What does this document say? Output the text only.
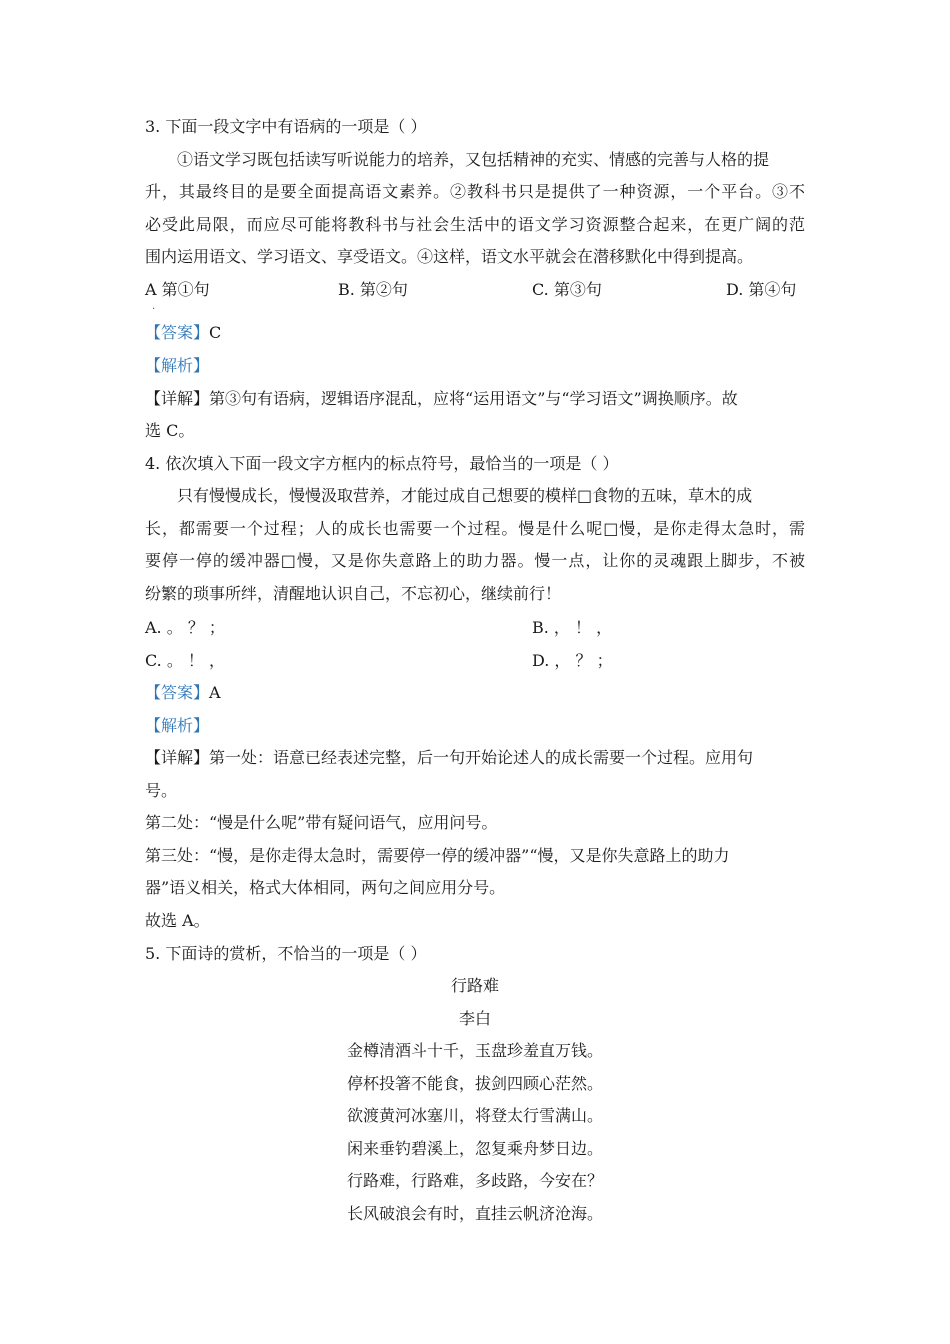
3. 下面一段文字中有语病的一项是（ ）
①语文学习既包括读写听说能力的培养，又包括精神的充实、情感的完善与人格的提
升，其最终目的是要全面提高语文素养。②教科书只是提供了一种资源，一个平台。③不
必受此局限，而应尽可能将教科书与社会生活中的语文学习资源整合起来，在更广阔的范
围内运用语文、学习语文、享受语文。④这样，语文水平就会在潜移默化中得到提高。
A 第①句	B. 第②句	C. 第③句	D. 第④句
·
【答案】C
【解析】
【详解】第③句有语病，逻辑语序混乱，应将“运用语文”与“学习语文”调换顺序。故
选 C。
4. 依次填入下面一段文字方框内的标点符号，最恰当的一项是（ ）
只有慢慢成长，慢慢汲取营养，才能过成自己想要的模样□食物的五味，草木的成
长，都需要一个过程；人的成长也需要一个过程。慢是什么呢□慢，是你走得太急时，需
要停一停的缓冲器□慢，又是你失意路上的助力器。慢一点，让你的灵魂跟上脚步，不被
纷繁的琐事所绊，清醒地认识自己，不忘初心，继续前行！
A. 。 ？ ；	B. ， ！ ，
C. 。 ！ ，	D. ， ？ ；
【答案】A
【解析】
【详解】第一处：语意已经表述完整，后一句开始论述人的成长需要一个过程。应用句
号。
第二处：“慢是什么呢”带有疑问语气，应用问号。
第三处：“慢，是你走得太急时，需要停一停的缓冲器”“慢，又是你失意路上的助力
器”语义相关，格式大体相同，两句之间应用分号。
故选 A。
5. 下面诗的赏析，不恰当的一项是（ ）
行路难
李白
金樽清酒斗十千，玉盘珍羞直万钱。
停杯投箸不能食，拔剑四顾心茫然。
欲渡黄河冰塞川，将登太行雪满山。
闲来垂钓碧溪上，忽复乘舟梦日边。
行路难，行路难，多歧路，今安在？
长风破浪会有时，直挂云帆济沧海。
